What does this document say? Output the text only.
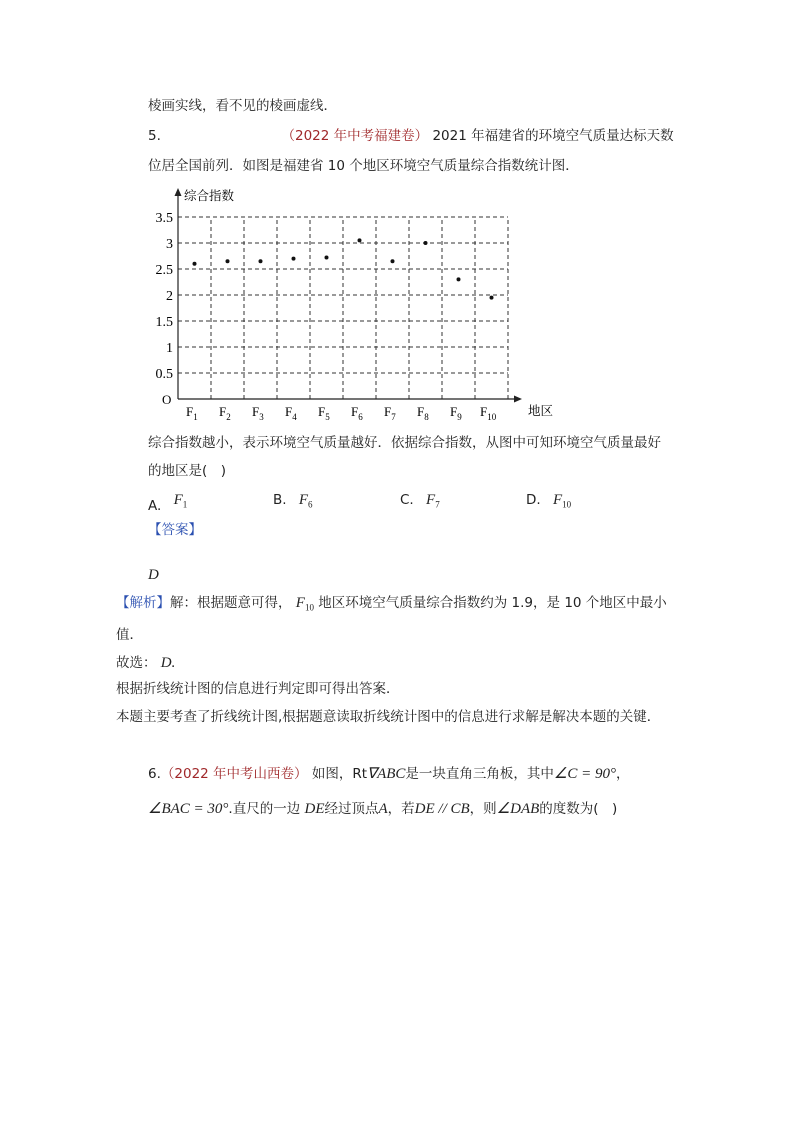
棱画实线，看不见的棱画虚线．
5.	（2022 年中考福建卷） 2021 年福建省的环境空气质量达标天数
位居全国前列．如图是福建省 10 个地区环境空气质量综合指数统计图．
综合指数
O
地区
0.5
1
1.5
2
2.5
3
3.5
$F_1$ $F_2$ $F_3$ $F_4$ $F_5$ $F_6$ $F_7$ $F_8$ $F_9$ $F_{10}$
综合指数越小，表示环境空气质量越好．依据综合指数，从图中可知环境空气质量最好
的地区是(　)
A. $F_1$	B. $F_6$	C. $F_7$	D. $F_{10}$
【答案】
D
【解析】解：根据题意可得， $F_{10}$ 地区环境空气质量综合指数约为 1.9，是 10 个地区中最小
值．
故选： D.
根据折线统计图的信息进行判定即可得出答案．
本题主要考查了折线统计图,根据题意读取折线统计图中的信息进行求解是解决本题的关键．
6.（2022 年中考山西卷） 如图，Rt∇ABC是一块直角三角板，其中∠C = 90°，
∠BAC = 30°.直尺的一边 DE经过顶点A，若DE // CB，则∠DAB的度数为(　)
